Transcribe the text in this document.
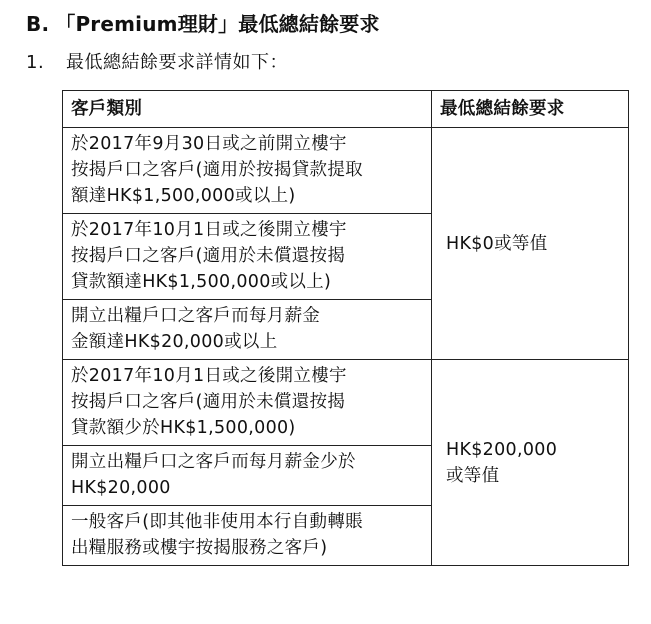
B. 「Premium理財」最低總結餘要求
1. 最低總結餘要求詳情如下：
客戶類別	最低總結餘要求

於2017年9月30日或之前開立樓宇
按揭戶口之客戶(適用於按揭貸款提取
額達HK$1,500,000或以上)	HK$0或等值

於2017年10月1日或之後開立樓宇
按揭戶口之客戶(適用於未償還按揭
貸款額達HK$1,500,000或以上)	

開立出糧戶口之客戶而每月薪金
金額達HK$20,000或以上	

於2017年10月1日或之後開立樓宇
按揭戶口之客戶(適用於未償還按揭
貸款額少於HK$1,500,000)	HK$200,000
或等值

開立出糧戶口之客戶而每月薪金少於
HK$20,000	

一般客戶(即其他非使用本行自動轉賬
出糧服務或樓宇按揭服務之客戶)	
